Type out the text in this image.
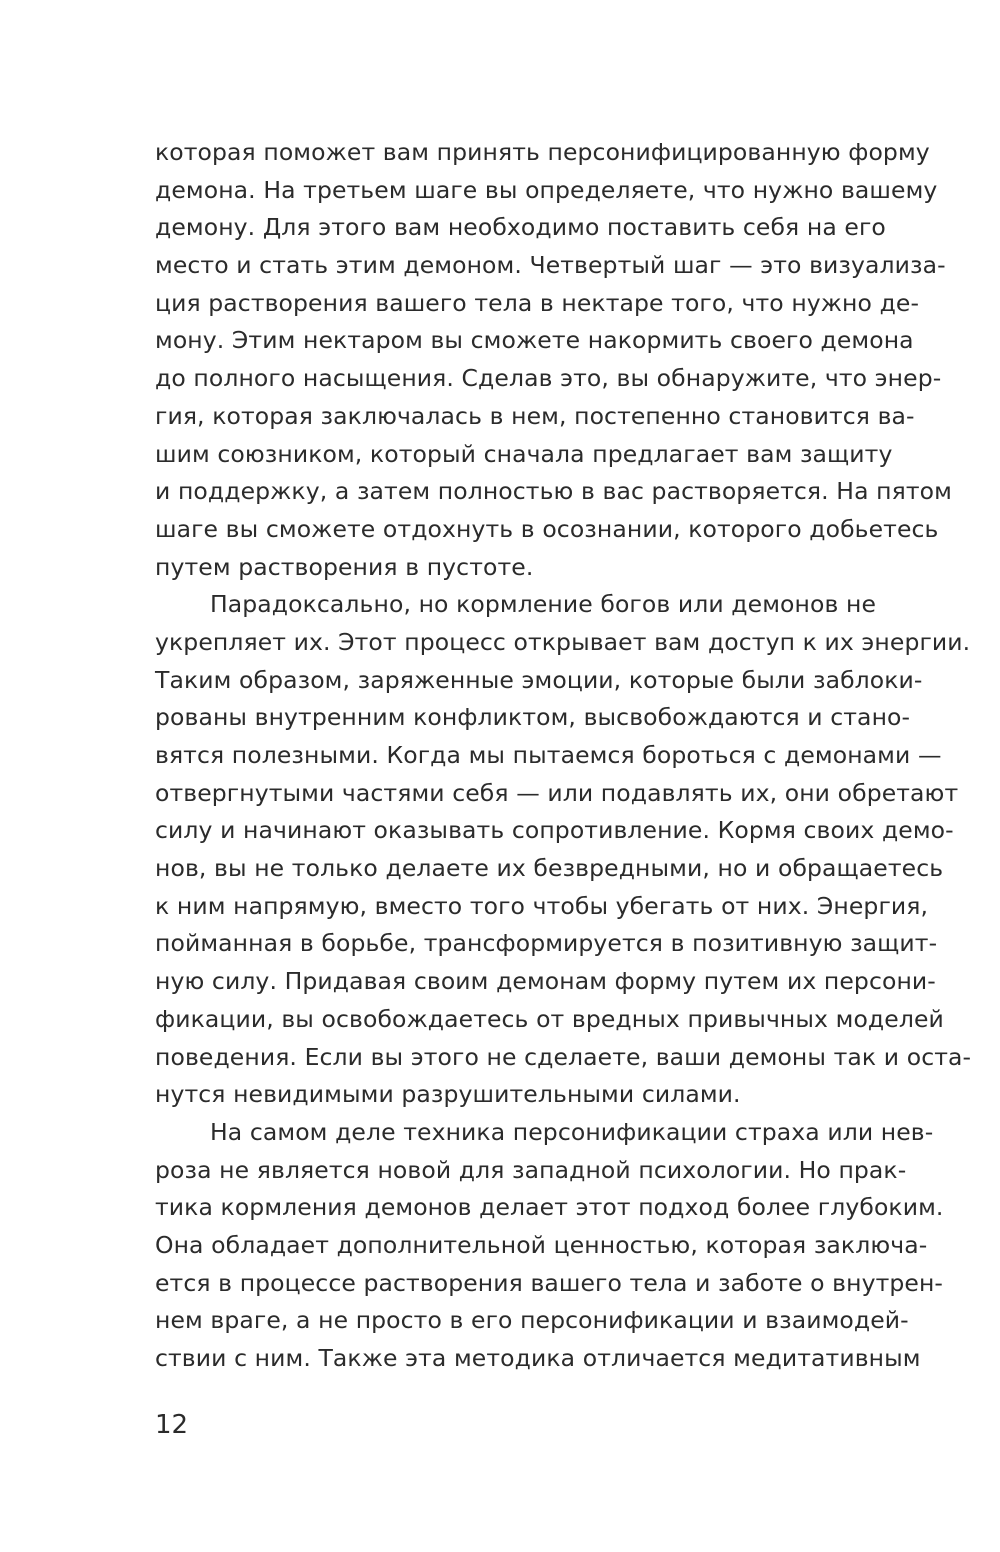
которая поможет вам принять персонифицированную форму
демона. На третьем шаге вы определяете, что нужно вашему
демону. Для этого вам необходимо поставить себя на его
место и стать этим демоном. Четвертый шаг — это визуализа-
ция растворения вашего тела в нектаре того, что нужно де-
мону. Этим нектаром вы сможете накормить своего демона
до полного насыщения. Сделав это, вы обнаружите, что энер-
гия, которая заключалась в нем, постепенно становится ва-
шим союзником, который сначала предлагает вам защиту
и поддержку, а затем полностью в вас растворяется. На пятом
шаге вы сможете отдохнуть в осознании, которого добьетесь
путем растворения в пустоте.
Парадоксально, но кормление богов или демонов не
укрепляет их. Этот процесс открывает вам доступ к их энергии.
Таким образом, заряженные эмоции, которые были заблоки-
рованы внутренним конфликтом, высвобождаются и стано-
вятся полезными. Когда мы пытаемся бороться с демонами —
отвергнутыми частями себя — или подавлять их, они обретают
силу и начинают оказывать сопротивление. Кормя своих демо-
нов, вы не только делаете их безвредными, но и обращаетесь
к ним напрямую, вместо того чтобы убегать от них. Энергия,
пойманная в борьбе, трансформируется в позитивную защит-
ную силу. Придавая своим демонам форму путем их персони-
фикации, вы освобождаетесь от вредных привычных моделей
поведения. Если вы этого не сделаете, ваши демоны так и оста-
нутся невидимыми разрушительными силами.
На самом деле техника персонификации страха или нев-
роза не является новой для западной психологии. Но прак-
тика кормления демонов делает этот подход более глубоким.
Она обладает дополнительной ценностью, которая заключа-
ется в процессе растворения вашего тела и заботе о внутрен-
нем враге, а не просто в его персонификации и взаимодей-
ствии с ним. Также эта методика отличается медитативным
12
